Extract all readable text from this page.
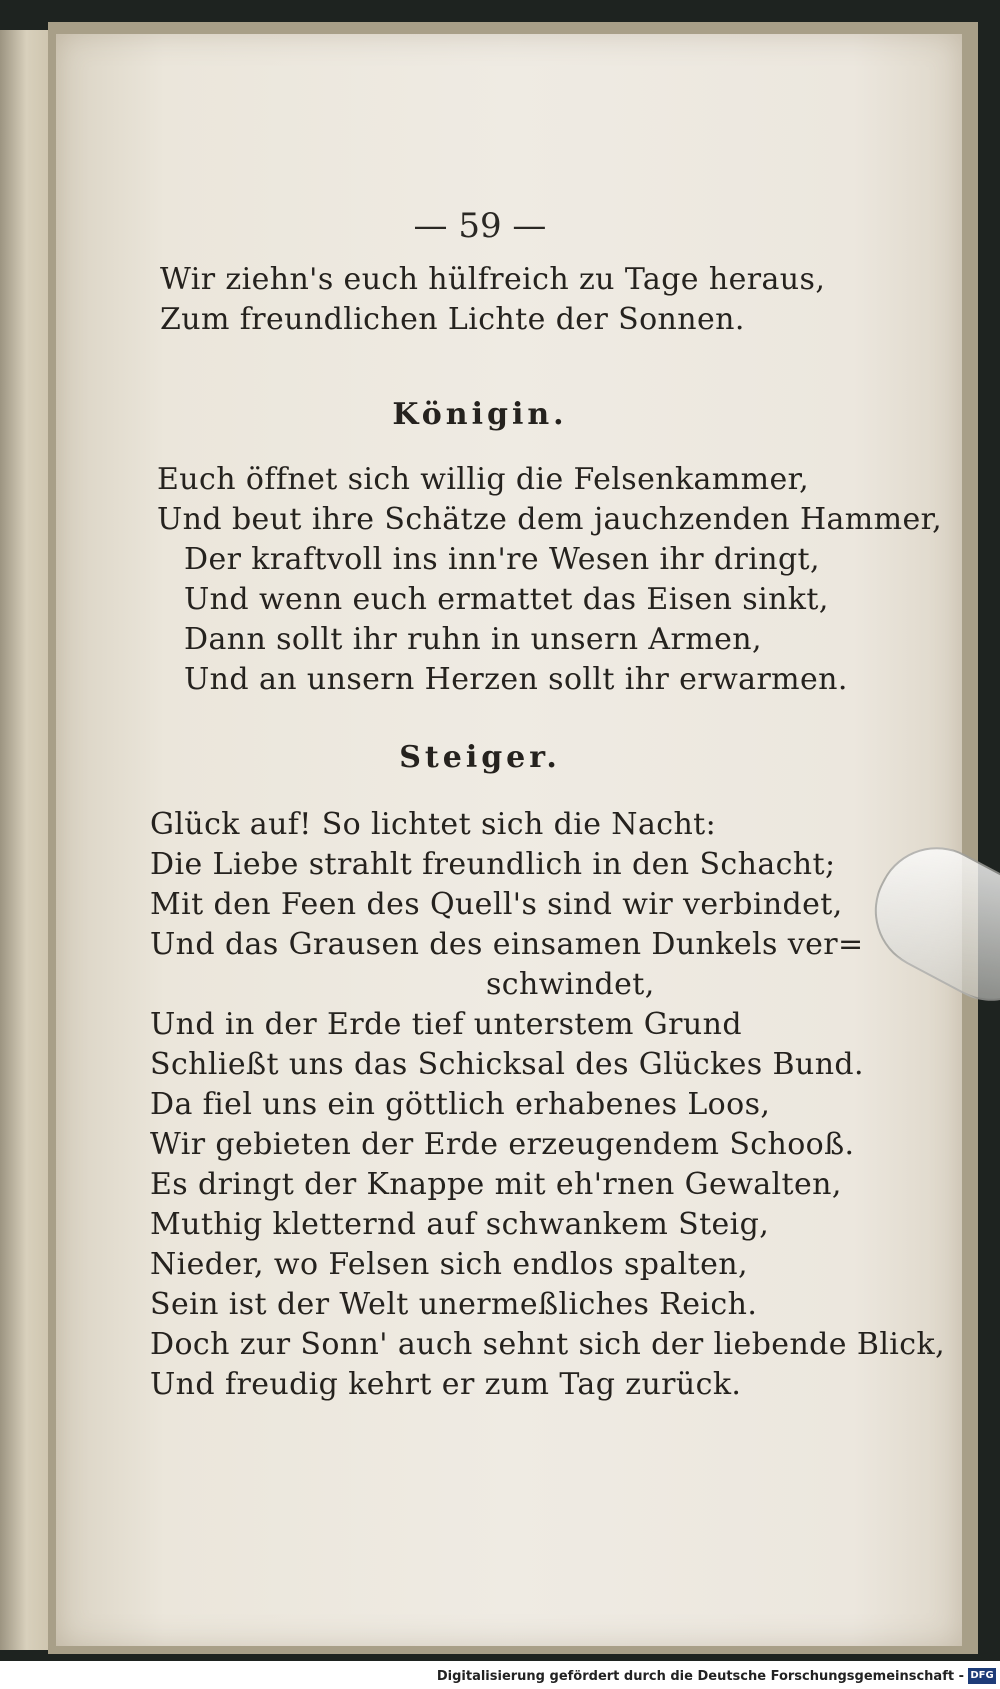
— 59 —
Wir ziehn's euch hülfreich zu Tage heraus,
Zum freundlichen Lichte der Sonnen.
Königin.
Euch öffnet sich willig die Felsenkammer,
Und beut ihre Schätze dem jauchzenden Hammer,
Der kraftvoll ins inn're Wesen ihr dringt,
Und wenn euch ermattet das Eisen sinkt,
Dann sollt ihr ruhn in unsern Armen,
Und an unsern Herzen sollt ihr erwarmen.
Steiger.
Glück auf! So lichtet sich die Nacht:
Die Liebe strahlt freundlich in den Schacht;
Mit den Feen des Quell's sind wir verbindet,
Und das Grausen des einsamen Dunkels ver=
schwindet,
Und in der Erde tief unterstem Grund
Schließt uns das Schicksal des Glückes Bund.
Da fiel uns ein göttlich erhabenes Loos,
Wir gebieten der Erde erzeugendem Schooß.
Es dringt der Knappe mit eh'rnen Gewalten,
Muthig kletternd auf schwankem Steig,
Nieder, wo Felsen sich endlos spalten,
Sein ist der Welt unermeßliches Reich.
Doch zur Sonn' auch sehnt sich der liebende Blick,
Und freudig kehrt er zum Tag zurück.
Digitalisierung gefördert durch die Deutsche Forschungsgemeinschaft - DFG
